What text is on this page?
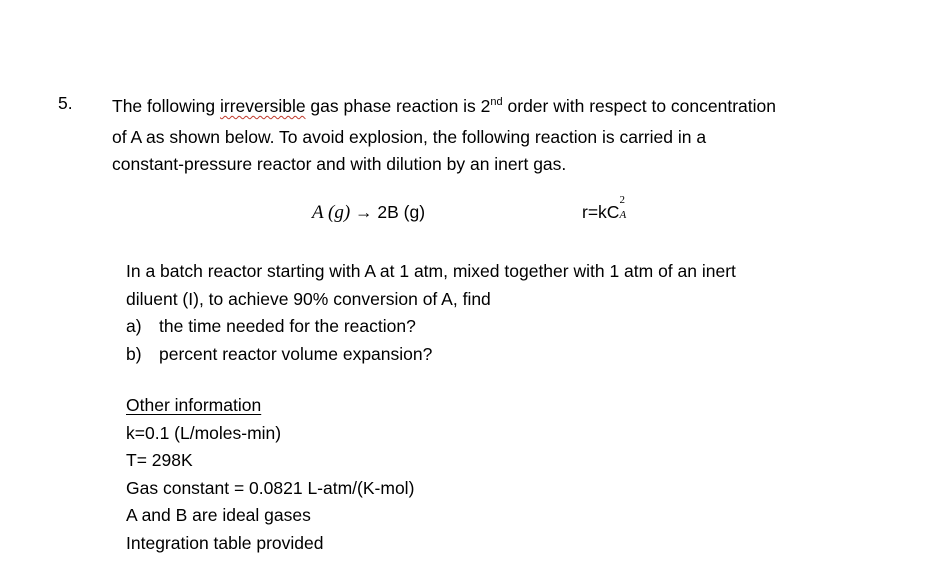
5. The following irreversible gas phase reaction is 2nd order with respect to concentration
of A as shown below. To avoid explosion, the following reaction is carried in a
constant-pressure reactor and with dilution by an inert gas.
A (g) → 2B (g)	r=kC
2
A
In a batch reactor starting with A at 1 atm, mixed together with 1 atm of an inert
diluent (I), to achieve 90% conversion of A, find
a) the time needed for the reaction?
b) percent reactor volume expansion?
Other information
k=0.1 (L/moles-min)
T= 298K
Gas constant = 0.0821 L-atm/(K-mol)
A and B are ideal gases
Integration table provided
